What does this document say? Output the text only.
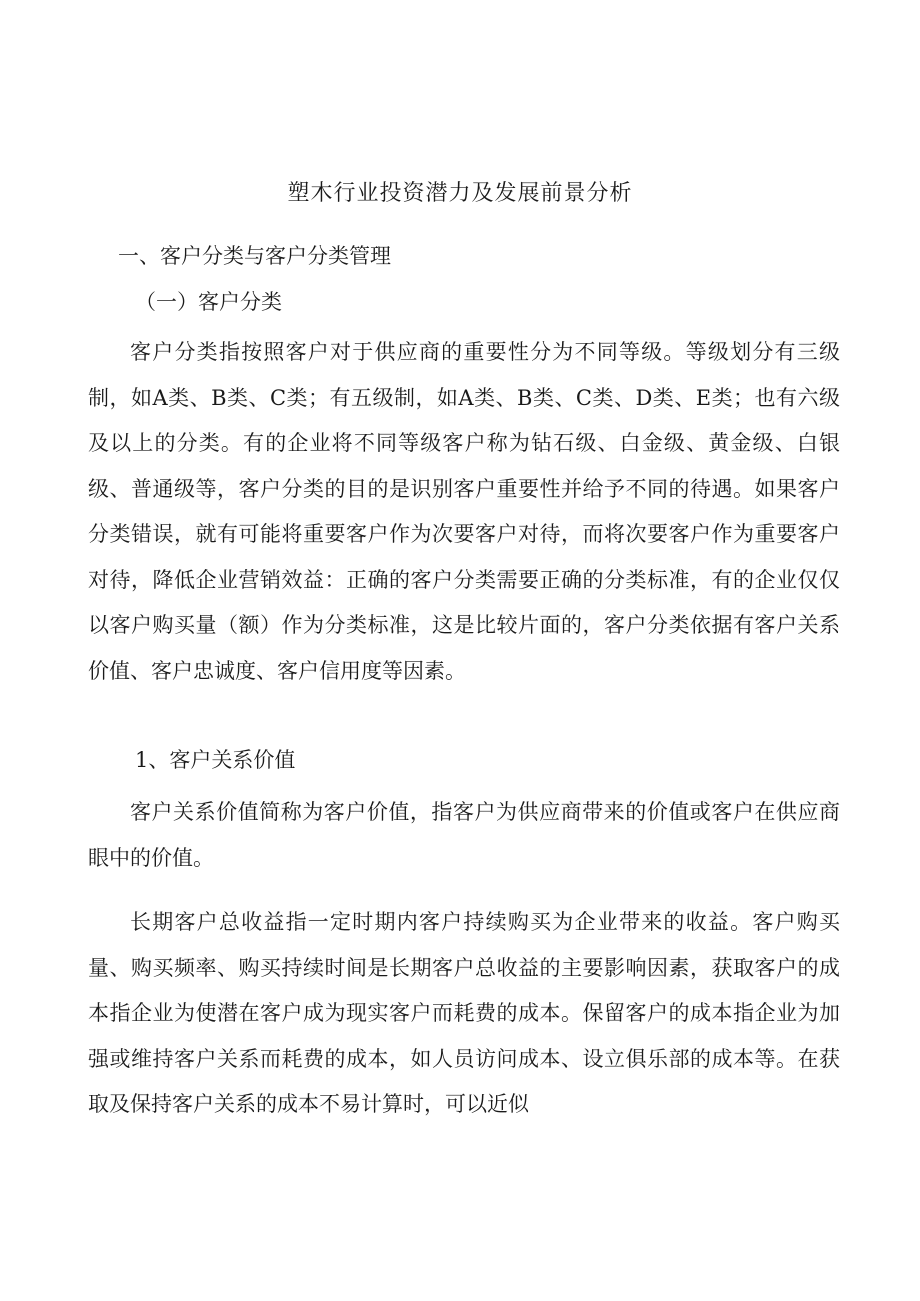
塑木行业投资潜力及发展前景分析
一、客户分类与客户分类管理
（一）客户分类

客户分类指按照客户对于供应商的重要性分为不同等级。等级划分有三级制，如A类、B类、C类；有五级制，如A类、B类、C类、D类、E类；也有六级及以上的分类。有的企业将不同等级客户称为钻石级、白金级、黄金级、白银级、普通级等，客户分类的目的是识别客户重要性并给予不同的待遇。如果客户分类错误，就有可能将重要客户作为次要客户对待，而将次要客户作为重要客户对待，降低企业营销效益：正确的客户分类需要正确的分类标准，有的企业仅仅以客户购买量（额）作为分类标准，这是比较片面的，客户分类依据有客户关系价值、客户忠诚度、客户信用度等因素。

1、客户关系价值

客户关系价值简称为客户价值，指客户为供应商带来的价值或客户在供应商眼中的价值。

长期客户总收益指一定时期内客户持续购买为企业带来的收益。客户购买量、购买频率、购买持续时间是长期客户总收益的主要影响因素，获取客户的成本指企业为使潜在客户成为现实客户而耗费的成本。保留客户的成本指企业为加强或维持客户关系而耗费的成本，如人员访问成本、设立俱乐部的成本等。在获取及保持客户关系的成本不易计算时，可以近似
